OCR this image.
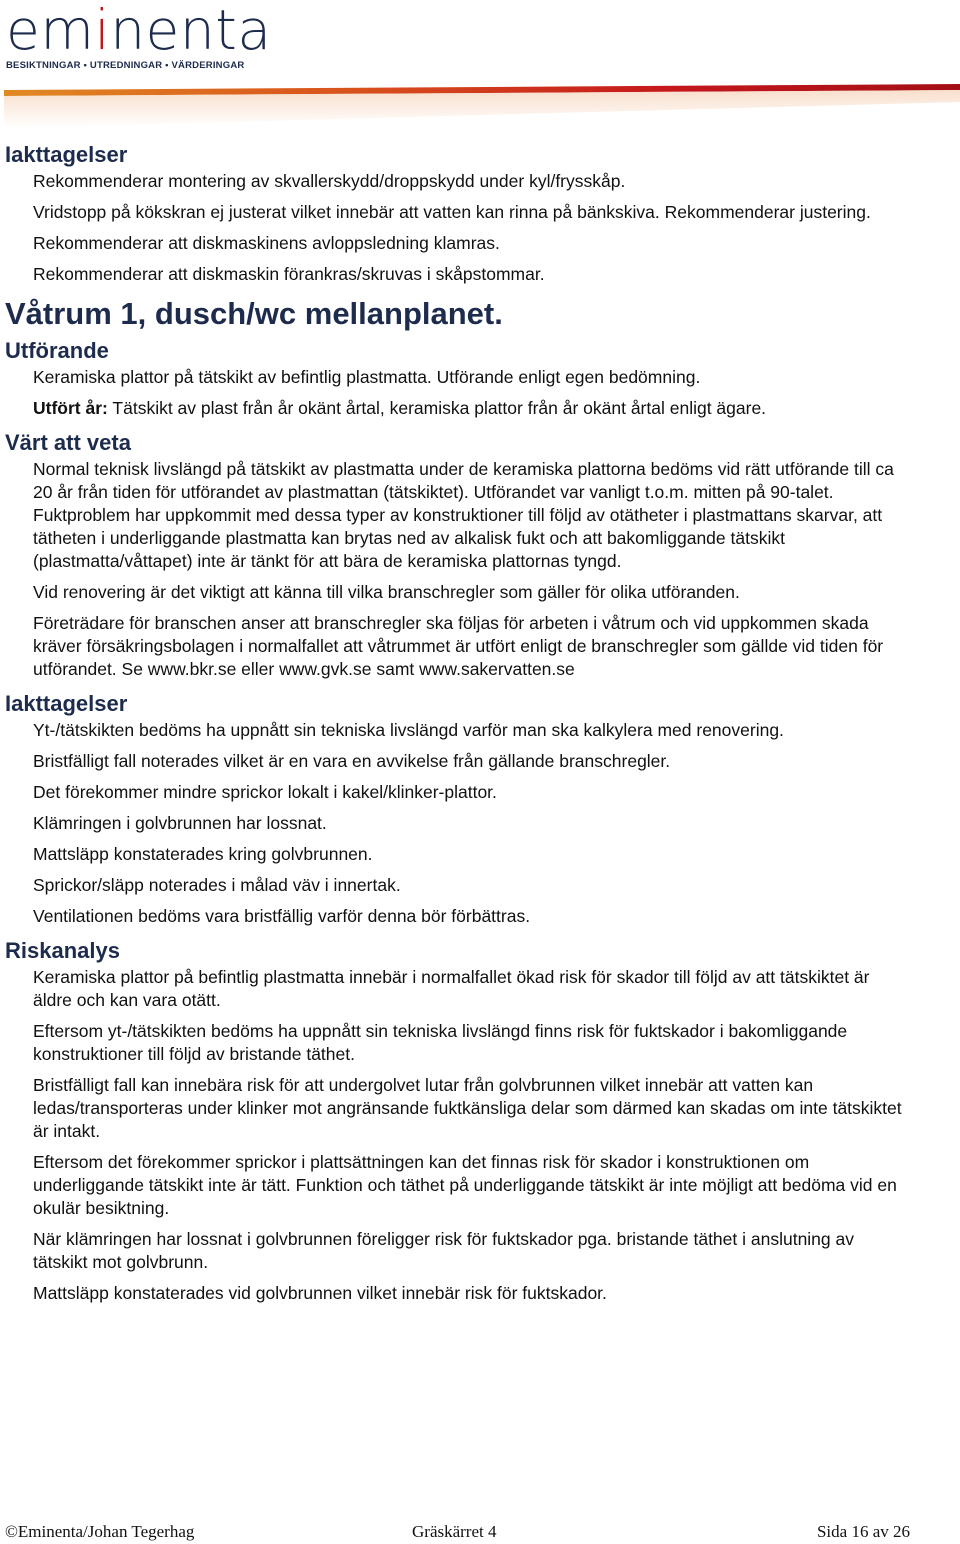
eminenta
BESIKTNINGAR • UTREDNINGAR • VÄRDERINGAR
Iakttagelser

Rekommenderar montering av skvallerskydd/droppskydd under kyl/frysskåp.

Vridstopp på kökskran ej justerat vilket innebär att vatten kan rinna på bänkskiva. Rekommenderar justering.

Rekommenderar att diskmaskinens avloppsledning klamras.

Rekommenderar att diskmaskin förankras/skruvas i skåpstommar.

Våtrum 1, dusch/wc mellanplanet.
Utförande

Keramiska plattor på tätskikt av befintlig plastmatta. Utförande enligt egen bedömning.

Utfört år: Tätskikt av plast från år okänt årtal, keramiska plattor från år okänt årtal enligt ägare.

Värt att veta

Normal teknisk livslängd på tätskikt av plastmatta under de keramiska plattorna bedöms vid rätt utförande till ca 20 år från tiden för utförandet av plastmattan (tätskiktet). Utförandet var vanligt t.o.m. mitten på 90-talet. Fuktproblem har uppkommit med dessa typer av konstruktioner till följd av otätheter i plastmattans skarvar, att tätheten i underliggande plastmatta kan brytas ned av alkalisk fukt och att bakomliggande tätskikt (plastmatta/våttapet) inte är tänkt för att bära de keramiska plattornas tyngd.

Vid renovering är det viktigt att känna till vilka branschregler som gäller för olika utföranden.

Företrädare för branschen anser att branschregler ska följas för arbeten i våtrum och vid uppkommen skada kräver försäkringsbolagen i normalfallet att våtrummet är utfört enligt de branschregler som gällde vid tiden för utförandet. Se www.bkr.se eller www.gvk.se samt www.sakervatten.se

Iakttagelser

Yt-/tätskikten bedöms ha uppnått sin tekniska livslängd varför man ska kalkylera med renovering.

Bristfälligt fall noterades vilket är en vara en avvikelse från gällande branschregler.

Det förekommer mindre sprickor lokalt i kakel/klinker-plattor.

Klämringen i golvbrunnen har lossnat.

Mattsläpp konstaterades kring golvbrunnen.

Sprickor/släpp noterades i målad väv i innertak.

Ventilationen bedöms vara bristfällig varför denna bör förbättras.

Riskanalys

Keramiska plattor på befintlig plastmatta innebär i normalfallet ökad risk för skador till följd av att tätskiktet är äldre och kan vara otätt.

Eftersom yt-/tätskikten bedöms ha uppnått sin tekniska livslängd finns risk för fuktskador i bakomliggande konstruktioner till följd av bristande täthet.

Bristfälligt fall kan innebära risk för att undergolvet lutar från golvbrunnen vilket innebär att vatten kan ledas/transporteras under klinker mot angränsande fuktkänsliga delar som därmed kan skadas om inte tätskiktet är intakt.

Eftersom det förekommer sprickor i plattsättningen kan det finnas risk för skador i konstruktionen om underliggande tätskikt inte är tätt. Funktion och täthet på underliggande tätskikt är inte möjligt att bedöma vid en okulär besiktning.

När klämringen har lossnat i golvbrunnen föreligger risk för fuktskador pga. bristande täthet i anslutning av tätskikt mot golvbrunn.

Mattsläpp konstaterades vid golvbrunnen vilket innebär risk för fuktskador.

©Eminenta/Johan Tegerhag	Gräskärret 4	Sida 16 av 26
